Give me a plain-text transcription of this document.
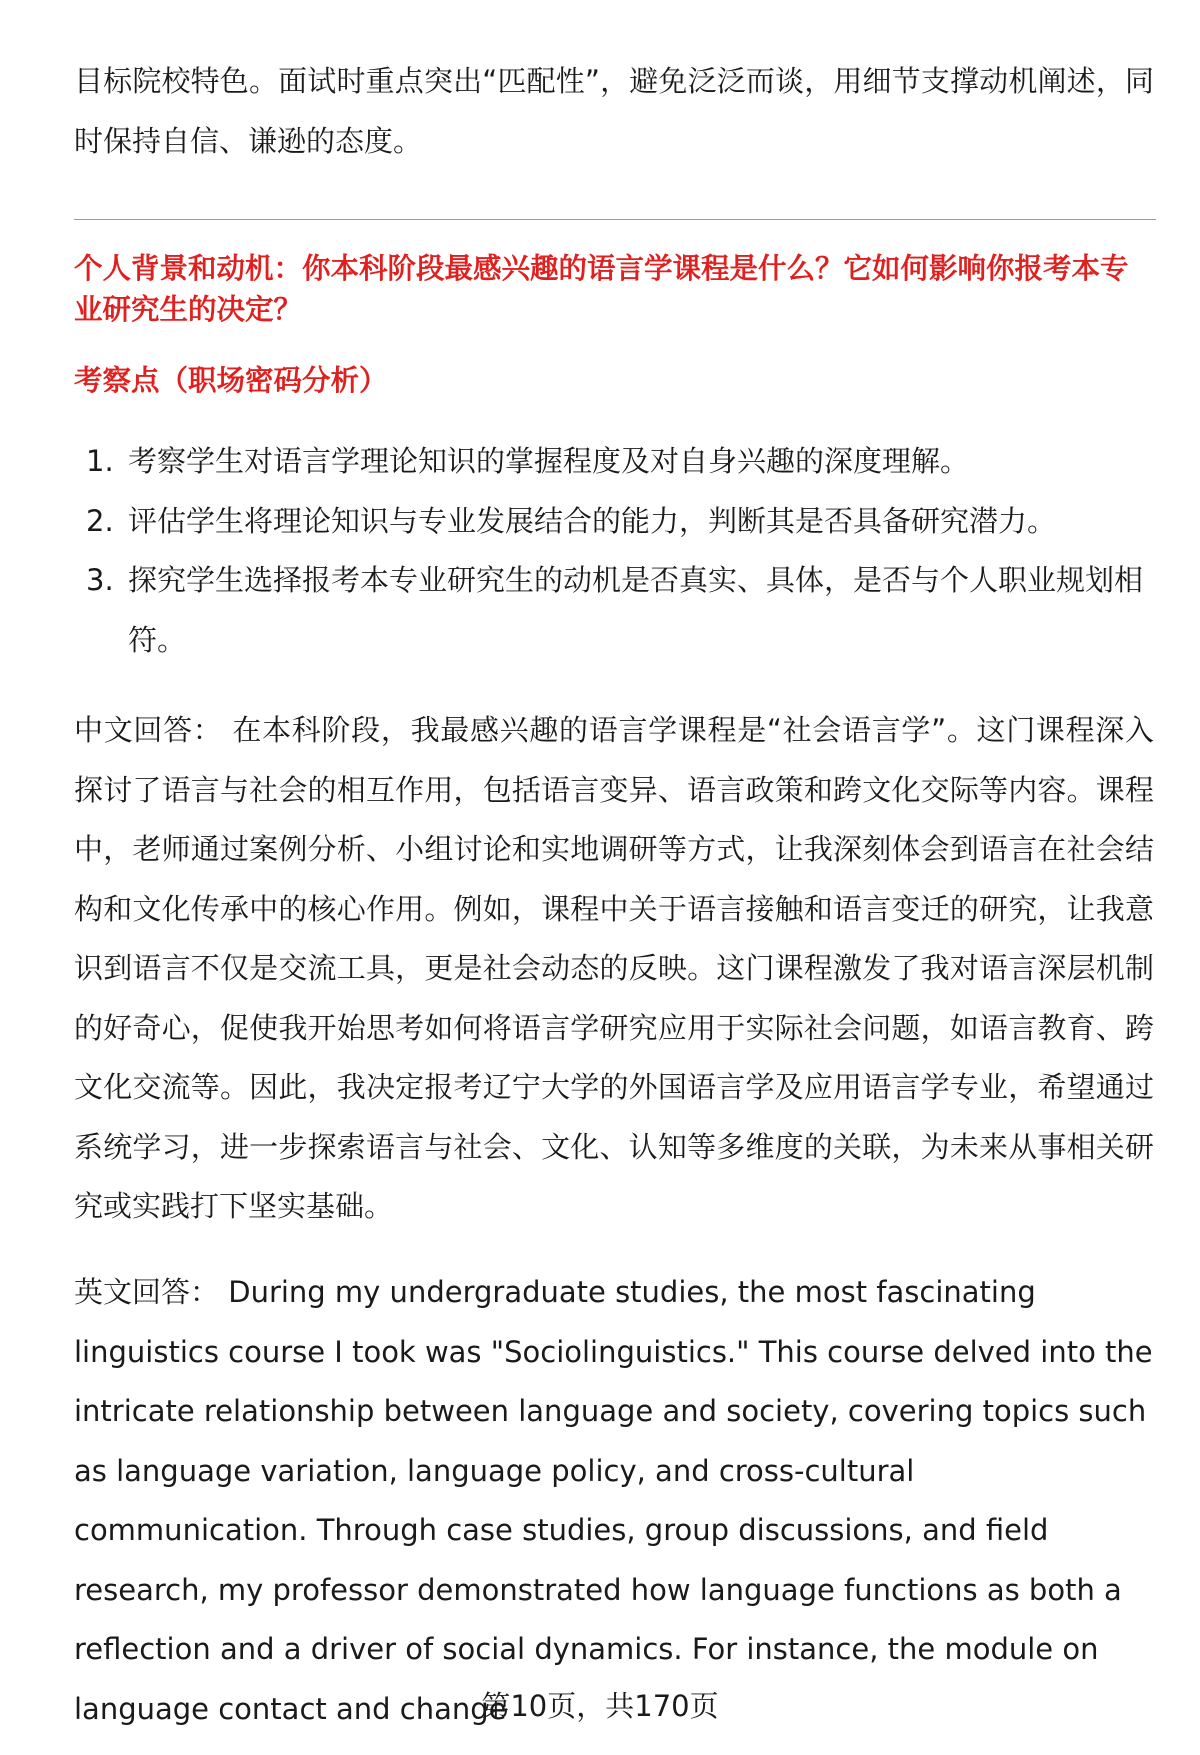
目标院校特色。面试时重点突出“匹配性”，避免泛泛而谈，用细节支撑动机阐述，同时保持自信、谦逊的态度。

个人背景和动机：你本科阶段最感兴趣的语言学课程是什么？它如何影响你报考本专业研究生的决定？

考察点（职场密码分析）

1. 考察学生对语言学理论知识的掌握程度及对自身兴趣的深度理解。
2. 评估学生将理论知识与专业发展结合的能力，判断其是否具备研究潜力。
3. 探究学生选择报考本专业研究生的动机是否真实、具体，是否与个人职业规划相符。

中文回答： 在本科阶段，我最感兴趣的语言学课程是“社会语言学”。这门课程深入探讨了语言与社会的相互作用，包括语言变异、语言政策和跨文化交际等内容。课程中，老师通过案例分析、小组讨论和实地调研等方式，让我深刻体会到语言在社会结构和文化传承中的核心作用。例如，课程中关于语言接触和语言变迁的研究，让我意识到语言不仅是交流工具，更是社会动态的反映。这门课程激发了我对语言深层机制的好奇心，促使我开始思考如何将语言学研究应用于实际社会问题，如语言教育、跨文化交流等。因此，我决定报考辽宁大学的外国语言学及应用语言学专业，希望通过系统学习，进一步探索语言与社会、文化、认知等多维度的关联，为未来从事相关研究或实践打下坚实基础。

英文回答： During my undergraduate studies, the most fascinating linguistics course I took was "Sociolinguistics." This course delved into the intricate relationship between language and society, covering topics such as language variation, language policy, and cross-cultural communication. Through case studies, group discussions, and field research, my professor demonstrated how language functions as both a reflection and a driver of social dynamics. For instance, the module on language contact and change

第10页，共170页
